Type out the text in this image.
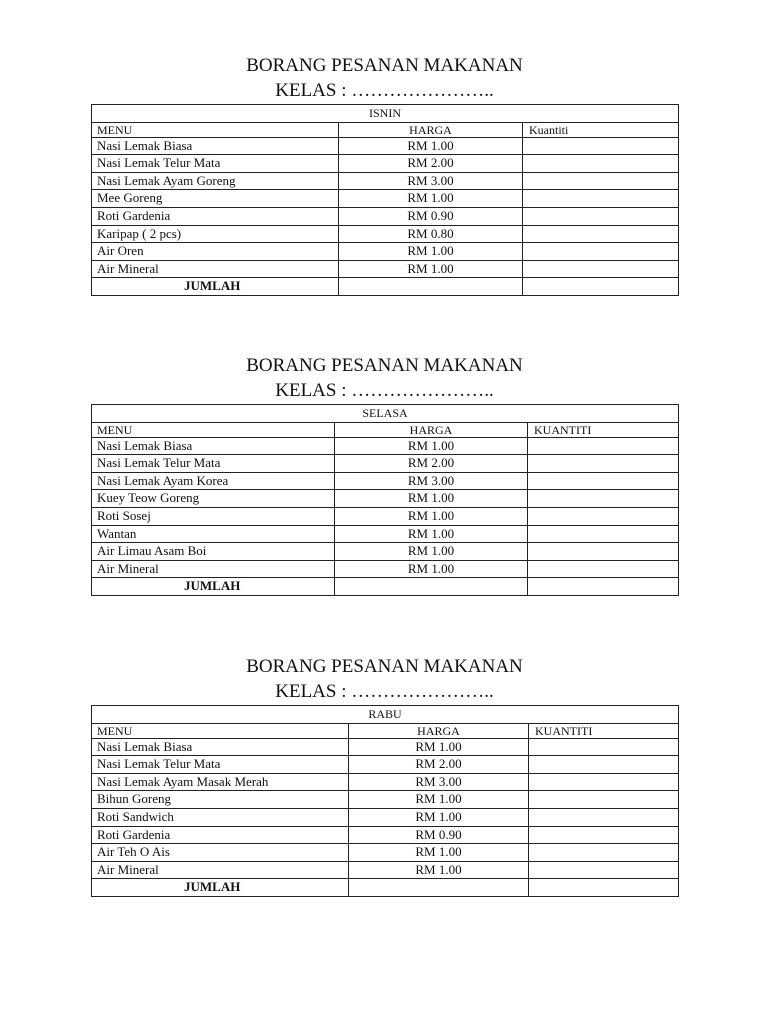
BORANG PESANAN MAKANAN

KELAS : …………………..

ISNIN		
MENU	HARGA	Kuantiti
Nasi Lemak Biasa	RM 1.00	
Nasi Lemak Telur Mata	RM 2.00	
Nasi Lemak Ayam Goreng	RM 3.00	
Mee Goreng	RM 1.00	
Roti Gardenia	RM 0.90	
Karipap ( 2 pcs)	RM 0.80	
Air Oren	RM 1.00	
Air Mineral	RM 1.00	
JUMLAH		

BORANG PESANAN MAKANAN

KELAS : …………………..

SELASA		
MENU	HARGA	KUANTITI
Nasi Lemak Biasa	RM 1.00	
Nasi Lemak Telur Mata	RM 2.00	
Nasi Lemak Ayam Korea	RM 3.00	
Kuey Teow Goreng	RM 1.00	
Roti Sosej	RM 1.00	
Wantan	RM 1.00	
Air Limau Asam Boi	RM 1.00	
Air Mineral	RM 1.00	
JUMLAH		

BORANG PESANAN MAKANAN

KELAS : …………………..

RABU		
MENU	HARGA	KUANTITI
Nasi Lemak Biasa	RM 1.00	
Nasi Lemak Telur Mata	RM 2.00	
Nasi Lemak Ayam Masak Merah	RM 3.00	
Bihun Goreng	RM 1.00	
Roti Sandwich	RM 1.00	
Roti Gardenia	RM 0.90	
Air Teh O Ais	RM 1.00	
Air Mineral	RM 1.00	
JUMLAH		
